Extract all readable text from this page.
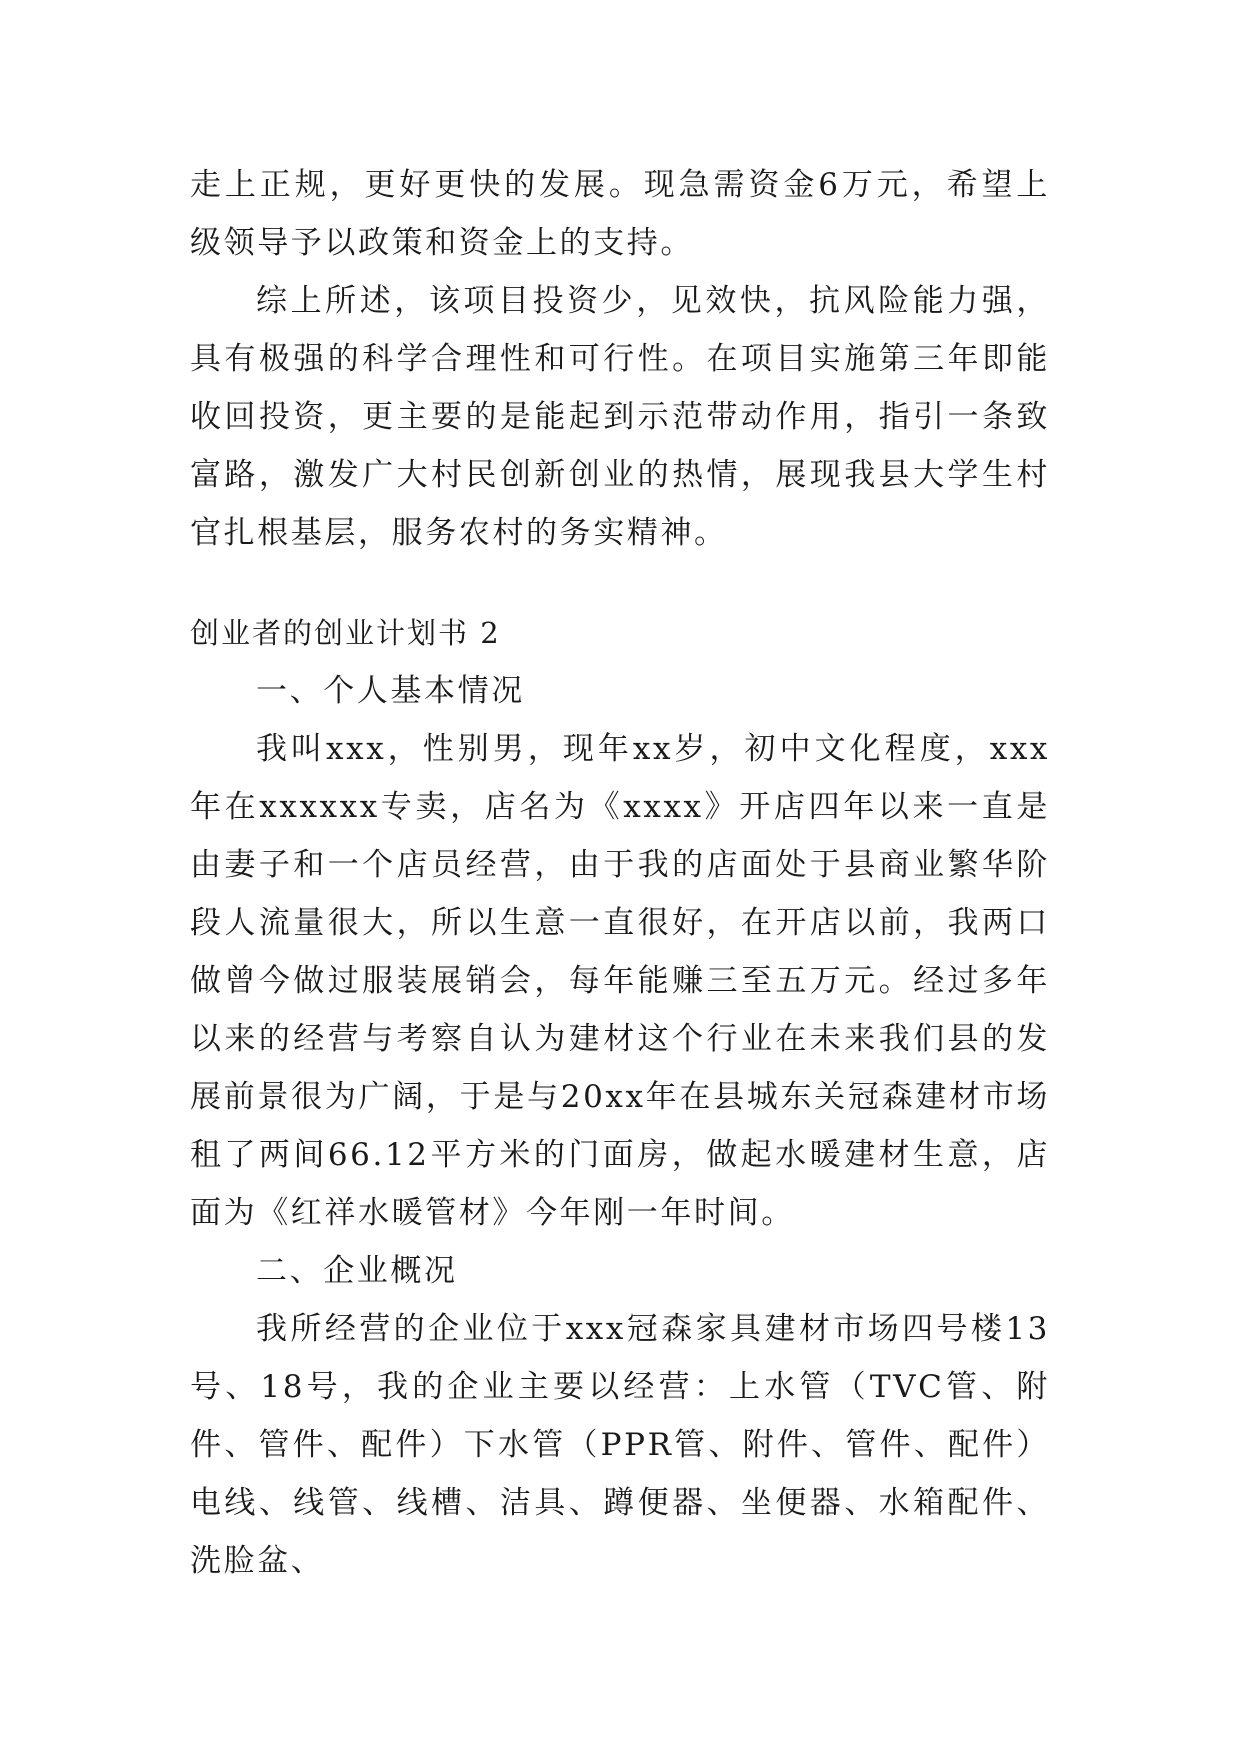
走上正规，更好更快的发展。现急需资金6万元，希望上级领导予以政策和资金上的支持。

综上所述，该项目投资少，见效快，抗风险能力强，具有极强的科学合理性和可行性。在项目实施第三年即能收回投资，更主要的是能起到示范带动作用，指引一条致富路，激发广大村民创新创业的热情，展现我县大学生村官扎根基层，服务农村的务实精神。

创业者的创业计划书 2

一、个人基本情况

我叫xxx，性别男，现年xx岁，初中文化程度，xxx年在xxxxxx专卖，店名为《xxxx》开店四年以来一直是由妻子和一个店员经营，由于我的店面处于县商业繁华阶段人流量很大，所以生意一直很好，在开店以前，我两口做曾今做过服装展销会，每年能赚三至五万元。经过多年以来的经营与考察自认为建材这个行业在未来我们县的发展前景很为广阔，于是与20xx年在县城东关冠森建材市场租了两间66.12平方米的门面房，做起水暖建材生意，店面为《红祥水暖管材》今年刚一年时间。

二、企业概况

我所经营的企业位于xxx冠森家具建材市场四号楼13号、18号，我的企业主要以经营：上水管（TVC管、附件、管件、配件）下水管（PPR管、附件、管件、配件）电线、线管、线槽、洁具、蹲便器、坐便器、水箱配件、洗脸盆、
